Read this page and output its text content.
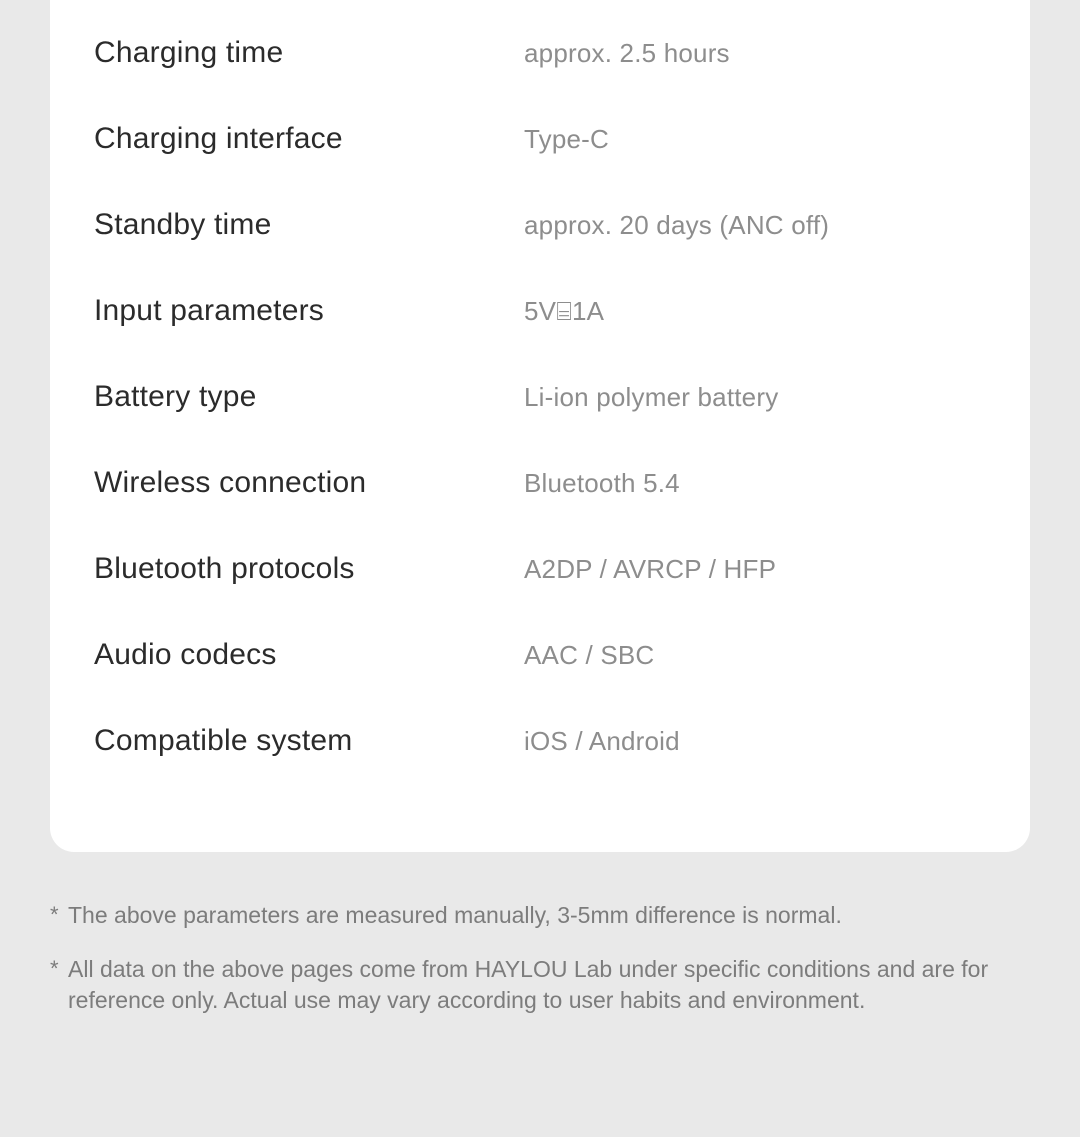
Charging time	approx. 2.5 hours
Charging interface	Type-C
Standby time	approx. 20 days (ANC off)
Input parameters	5V⌸1A
Battery type	Li-ion polymer battery
Wireless connection	Bluetooth 5.4
Bluetooth protocols	A2DP / AVRCP / HFP
Audio codecs	AAC / SBC
Compatible system	iOS / Android
* The above parameters are measured manually, 3-5mm difference is normal.
* All data on the above pages come from HAYLOU Lab under specific conditions and are for reference only. Actual use may vary according to user habits and environment.
